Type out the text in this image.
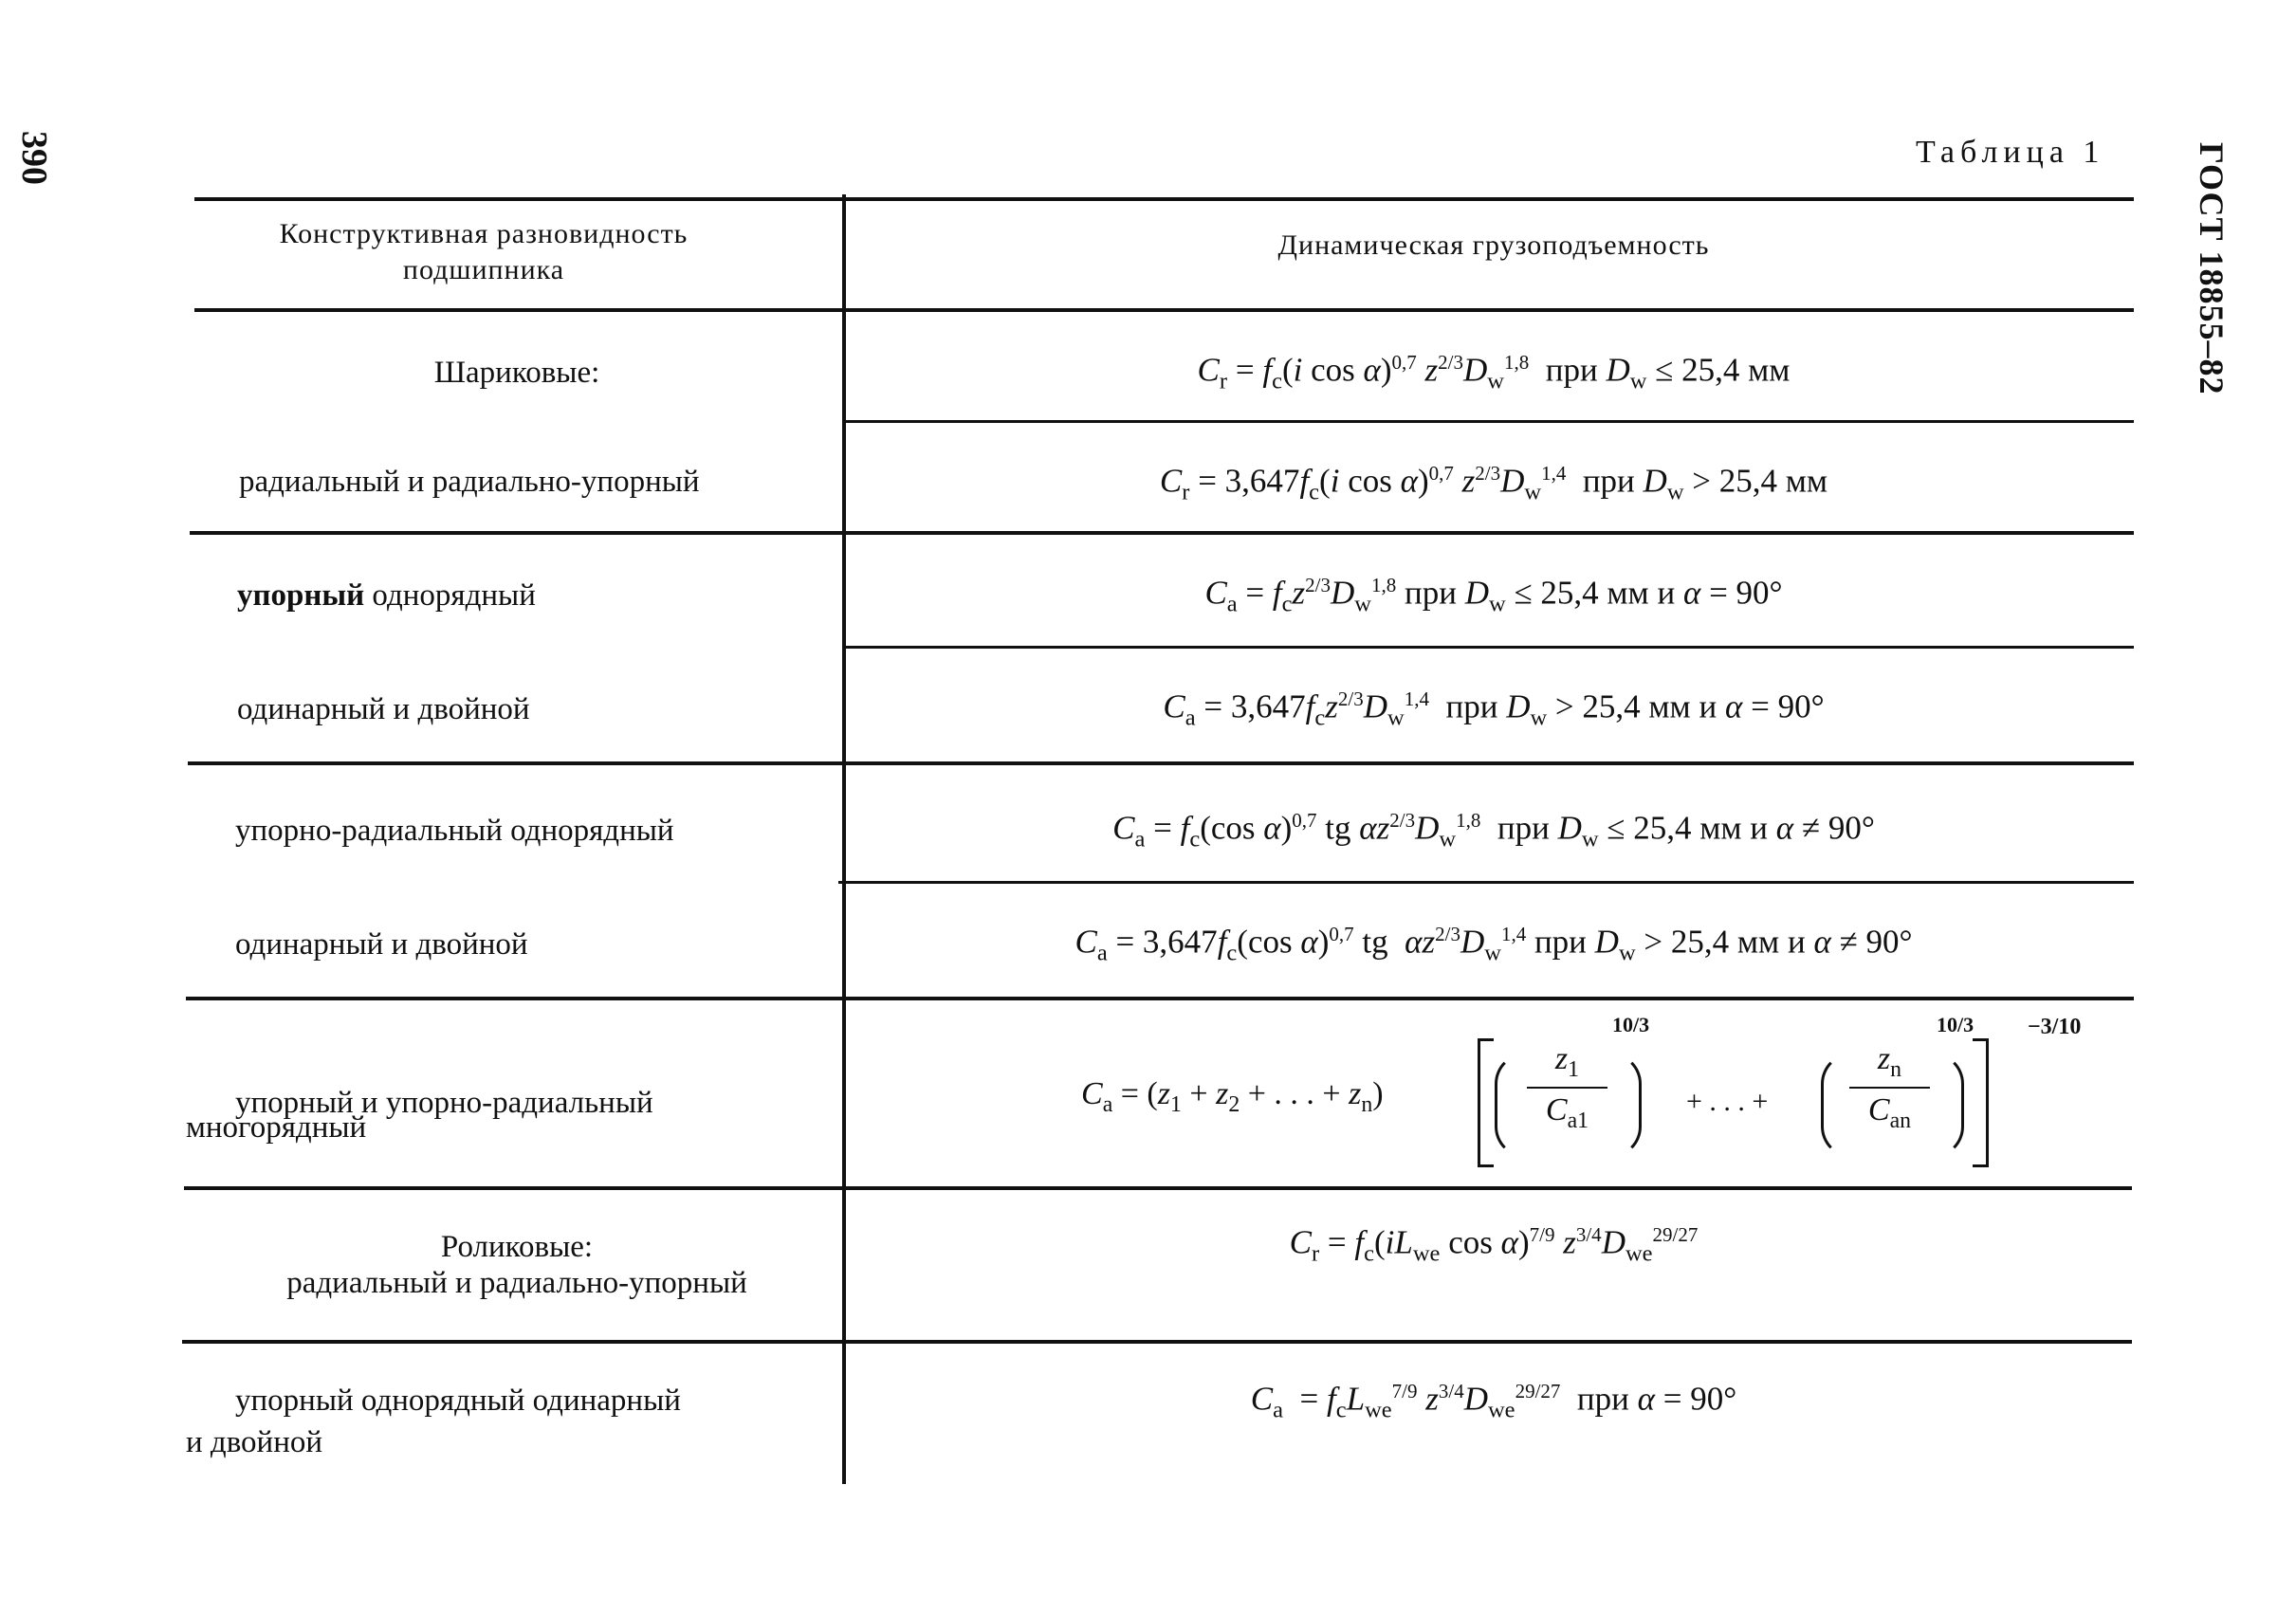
390	ГОСТ 18855–82
Таблица 1
Конструктивная разновидность подшипника
Динамическая грузоподъемность
Шариковые:
радиальный и радиально-упорный
упорный однорядный
одинарный и двойной
упорно-радиальный однорядный
одинарный и двойной
упорный и упорно-радиальный
многорядный
Роликовые:
радиальный и радиально-упорный
упорный однорядный одинарный
и двойной
$C_r = f_c(i$ cos α)$^{0,7}$ $z^{2/3}D_w^{1,8}$ при $D_w \le 25,4$ мм
$C_r = 3,647f_c(i$ cos α)$^{0,7}$ $z^{2/3}D_w^{1,4}$ при $D_w > 25,4$ мм
$C_a = f_cz^{2/3}D_w^{1,8}$ при $D_w \le 25,4$ мм и α = 90°
$C_a = 3,647f_cz^{2/3}D_w^{1,4}$ при $D_w > 25,4$ мм и α = 90°
$C_a = f_c(\cos$ α)$^{0,7}$ tg $\alpha z^{2/3}D_w^{1,8}$ при $D_w \le 25,4$ мм и α ≠ 90°
$C_a = 3,647f_c(\cos$ α)$^{0,7}$ tg  $\alpha z^{2/3}D_w^{1,4}$ при $D_w > 25,4$ мм и α ≠ 90°
$C_a = (z_1 + z_2$ + . . . + $z_n$)
$z_1$
$C_{a1}$
10/3
+ . . . +
$z_n$
$C_{an}$
10/3 −3/10
$C_r = f_c(iL_{we}$ cos α)$^{7/9}$ $z^{3/4}D_{we}^{29/27}$
$C_a = f_cL_{we}^{7/9}$ $z^{3/4}D_{we}^{29/27}$ при α = 90°
